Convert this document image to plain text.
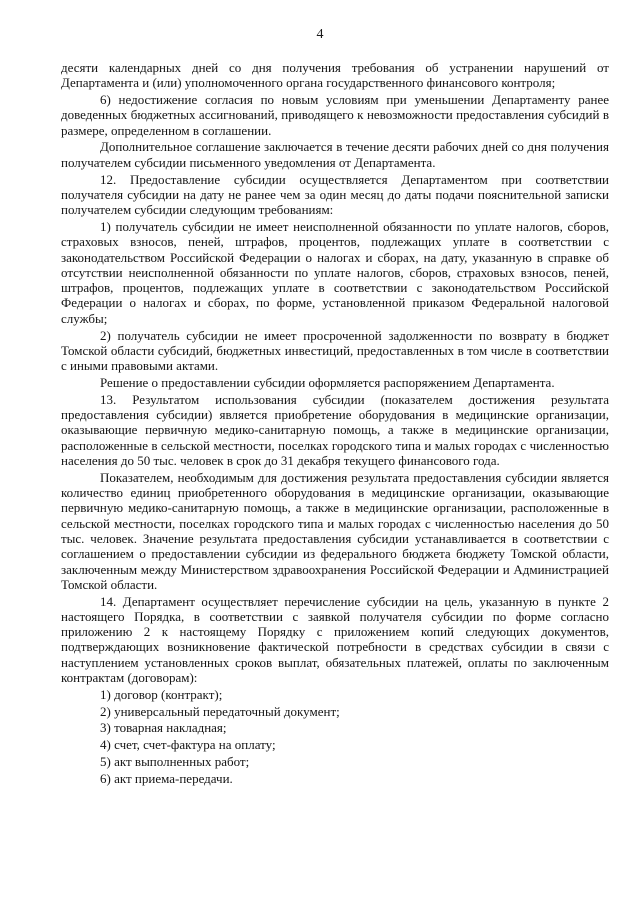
4

десяти календарных дней со дня получения требования об устранении нарушений от Департамента и (или) уполномоченного органа государственного финансового контроля;

6) недостижение согласия по новым условиям при уменьшении Департаменту ранее доведенных бюджетных ассигнований, приводящего к невозможности предоставления субсидий в размере, определенном в соглашении.

Дополнительное соглашение заключается в течение десяти рабочих дней со дня получения получателем субсидии письменного уведомления от Департамента.

12. Предоставление субсидии осуществляется Департаментом при соответствии получателя субсидии на дату не ранее чем за один месяц до даты подачи пояснительной записки получателем субсидии следующим требованиям:

1) получатель субсидии не имеет неисполненной обязанности по уплате налогов, сборов, страховых взносов, пеней, штрафов, процентов, подлежащих уплате в соответствии с законодательством Российской Федерации о налогах и сборах, на дату, указанную в справке об отсутствии неисполненной обязанности по уплате налогов, сборов, страховых взносов, пеней, штрафов, процентов, подлежащих уплате в соответствии с законодательством Российской Федерации о налогах и сборах, по форме, установленной приказом Федеральной налоговой службы;

2) получатель субсидии не имеет просроченной задолженности по возврату в бюджет Томской области субсидий, бюджетных инвестиций, предоставленных в том числе в соответствии с иными правовыми актами.

Решение о предоставлении субсидии оформляется распоряжением Департамента.

13. Результатом использования субсидии (показателем достижения результата предоставления субсидии) является приобретение оборудования в медицинские организации, оказывающие первичную медико-санитарную помощь, а также в медицинские организации, расположенные в сельской местности, поселках городского типа и малых городах с численностью населения до 50 тыс. человек в срок до 31 декабря текущего финансового года.

Показателем, необходимым для достижения результата предоставления субсидии является количество единиц приобретенного оборудования в медицинские организации, оказывающие первичную медико-санитарную помощь, а также в медицинские организации, расположенные в сельской местности, поселках городского типа и малых городах с численностью населения до 50 тыс. человек. Значение результата предоставления субсидии устанавливается в соответствии с соглашением о предоставлении субсидии из федерального бюджета бюджету Томской области, заключенным между Министерством здравоохранения Российской Федерации и Администрацией Томской области.

14. Департамент осуществляет перечисление субсидии на цель, указанную в пункте 2 настоящего Порядка, в соответствии с заявкой получателя субсидии по форме согласно приложению 2 к настоящему Порядку с приложением копий следующих документов, подтверждающих возникновение фактической потребности в средствах субсидии в связи с наступлением установленных сроков выплат, обязательных платежей, оплаты по заключенным контрактам (договорам):

1) договор (контракт);
2) универсальный передаточный документ;
3) товарная накладная;
4) счет, счет-фактура на оплату;
5) акт выполненных работ;
6) акт приема-передачи.
